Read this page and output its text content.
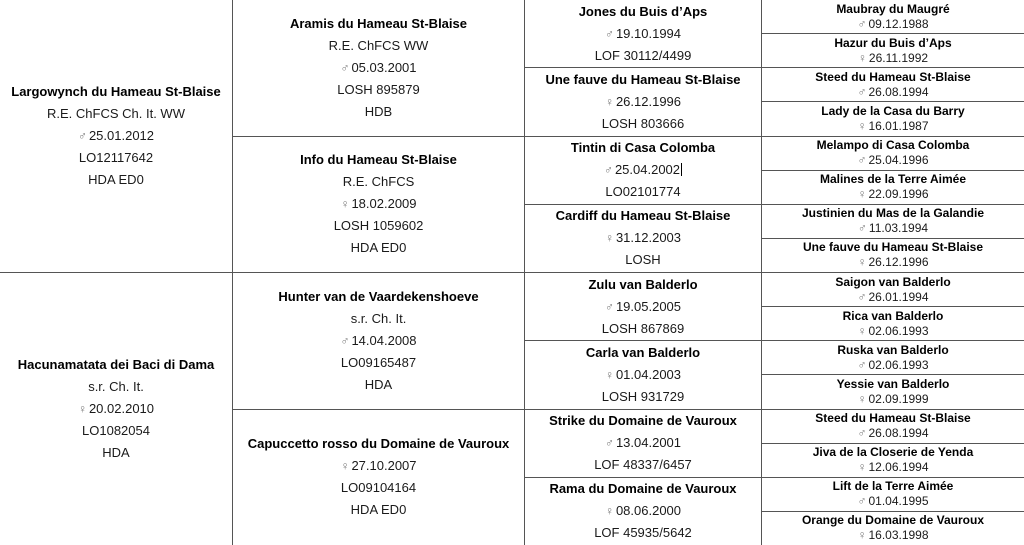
Largowynch du Hameau St-Blaise
R.E. ChFCS Ch. It. WW
♂ 25.01.2012
LO12117642
HDA ED0
Hacunamatata dei Baci di Dama
s.r. Ch. It.
♀ 20.02.2010
LO1082054
HDA
Aramis du Hameau St-Blaise
R.E. ChFCS WW
♂ 05.03.2001
LOSH 895879
HDB
Info du Hameau St-Blaise
R.E. ChFCS
♀ 18.02.2009
LOSH 1059602
HDA ED0
Hunter van de Vaardekenshoeve
s.r. Ch. It.
♂ 14.04.2008
LO09165487
HDA
Capuccetto rosso du Domaine de Vauroux
♀ 27.10.2007
LO09104164
HDA ED0
Jones du Buis d’Aps
♂ 19.10.1994
LOF 30112/4499
Une fauve du Hameau St-Blaise
♀ 26.12.1996
LOSH 803666
Tintin di Casa Colomba
♂ 25.04.2002
LO02101774
Cardiff du Hameau St-Blaise
♀ 31.12.2003
LOSH
Zulu van Balderlo
♂ 19.05.2005
LOSH 867869
Carla van Balderlo
♀ 01.04.2003
LOSH 931729
Strike du Domaine de Vauroux
♂ 13.04.2001
LOF 48337/6457
Rama du Domaine de Vauroux
♀ 08.06.2000
LOF 45935/5642
Maubray du Maugré
♂ 09.12.1988
Hazur du Buis d’Aps
♀ 26.11.1992
Steed du Hameau St-Blaise
♂ 26.08.1994
Lady de la Casa du Barry
♀ 16.01.1987
Melampo di Casa Colomba
♂ 25.04.1996
Malines de la Terre Aimée
♀ 22.09.1996
Justinien du Mas de la Galandie
♂ 11.03.1994
Une fauve du Hameau St-Blaise
♀ 26.12.1996
Saigon van Balderlo
♂ 26.01.1994
Rica van Balderlo
♀ 02.06.1993
Ruska van Balderlo
♂ 02.06.1993
Yessie van Balderlo
♀ 02.09.1999
Steed du Hameau St-Blaise
♂ 26.08.1994
Jiva de la Closerie de Yenda
♀ 12.06.1994
Lift de la Terre Aimée
♂ 01.04.1995
Orange du Domaine de Vauroux
♀ 16.03.1998
